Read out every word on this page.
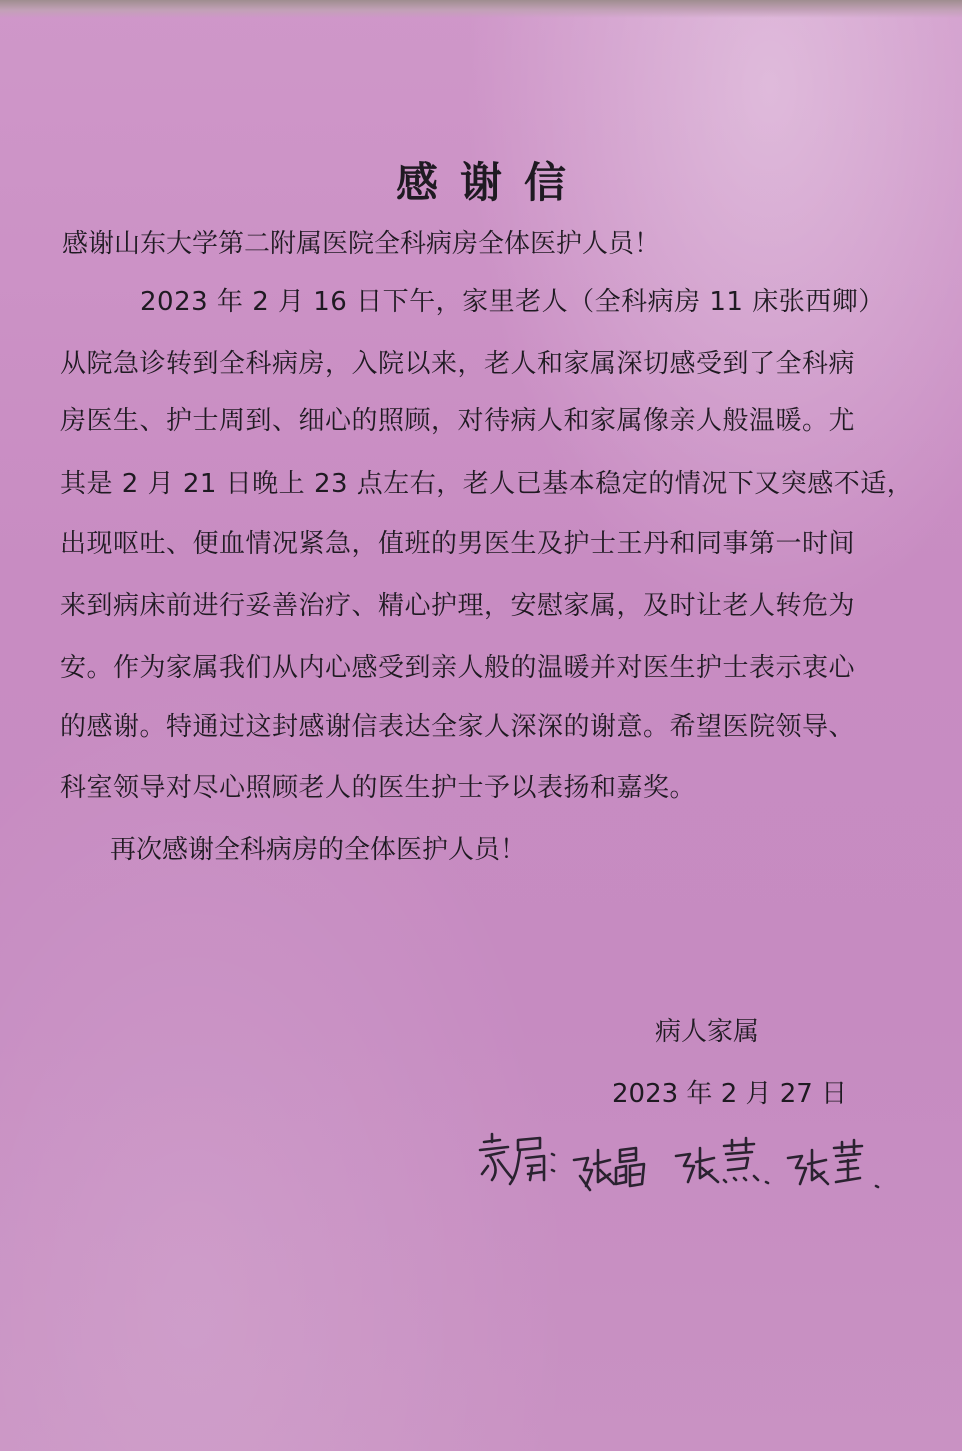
感谢信
感谢山东大学第二附属医院全科病房全体医护人员！
2023 年 2 月 16 日下午，家里老人（全科病房 11 床张西卿）
从院急诊转到全科病房，入院以来，老人和家属深切感受到了全科病
房医生、护士周到、细心的照顾，对待病人和家属像亲人般温暖。尤
其是 2 月 21 日晚上 23 点左右，老人已基本稳定的情况下又突感不适，
出现呕吐、便血情况紧急，值班的男医生及护士王丹和同事第一时间
来到病床前进行妥善治疗、精心护理，安慰家属，及时让老人转危为
安。作为家属我们从内心感受到亲人般的温暖并对医生护士表示衷心
的感谢。特通过这封感谢信表达全家人深深的谢意。希望医院领导、
科室领导对尽心照顾老人的医生护士予以表扬和嘉奖。
再次感谢全科病房的全体医护人员！
病人家属
2023 年 2 月 27 日
